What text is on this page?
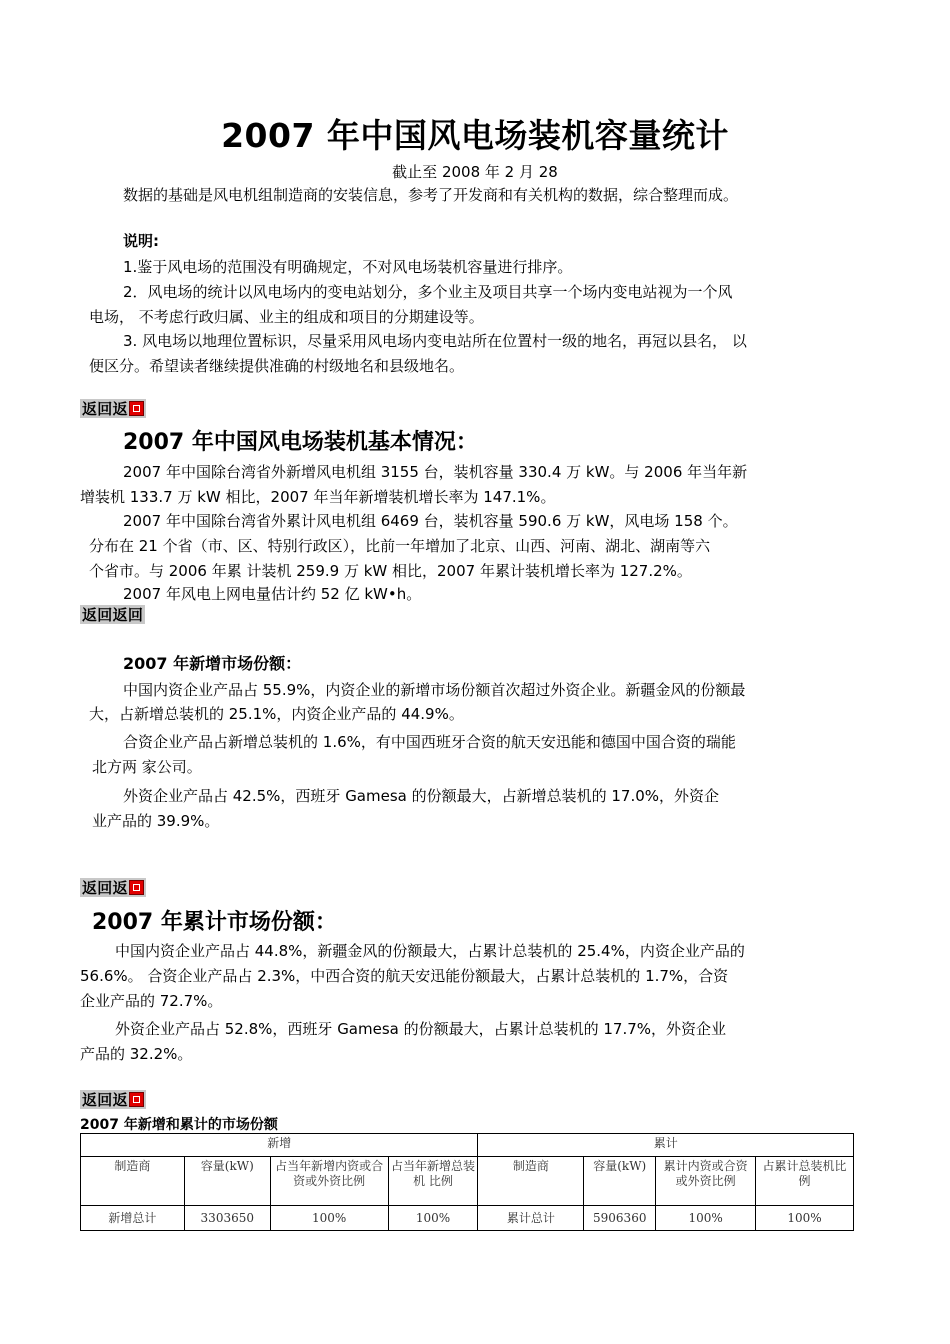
2007 年中国风电场装机容量统计
截止至 2008 年 2 月 28
数据的基础是风电机组制造商的安装信息，参考了开发商和有关机构的数据，综合整理而成。
说明:
1.鉴于风电场的范围没有明确规定，不对风电场装机容量进行排序。
2．风电场的统计以风电场内的变电站划分，多个业主及项目共享一个场内变电站视为一个风
电场， 不考虑行政归属、业主的组成和项目的分期建设等。
3. 风电场以地理位置标识，尽量采用风电场内变电站所在位置村一级的地名，再冠以县名， 以
便区分。希望读者继续提供准确的村级地名和县级地名。
返回返
2007 年中国风电场装机基本情况：
2007 年中国除台湾省外新增风电机组 3155 台，装机容量 330.4 万 kW。与 2006 年当年新
增装机 133.7 万 kW 相比，2007 年当年新增装机增长率为 147.1%。
2007 年中国除台湾省外累计风电机组 6469 台，装机容量 590.6 万 kW，风电场 158 个。
分布在 21 个省（市、区、特别行政区），比前一年增加了北京、山西、河南、湖北、湖南等六
个省市。与 2006 年累 计装机 259.9 万 kW 相比，2007 年累计装机增长率为 127.2%。
2007 年风电上网电量估计约 52 亿 kW•h。
返回返回
2007 年新增市场份额：
中国内资企业产品占 55.9%，内资企业的新增市场份额首次超过外资企业。新疆金风的份额最
大，占新增总装机的 25.1%，内资企业产品的 44.9%。
合资企业产品占新增总装机的 1.6%，有中国西班牙合资的航天安迅能和德国中国合资的瑞能
北方两 家公司。
外资企业产品占 42.5%，西班牙 Gamesa 的份额最大，占新增总装机的 17.0%，外资企
业产品的 39.9%。
返回返
2007 年累计市场份额：
中国内资企业产品占 44.8%，新疆金风的份额最大，占累计总装机的 25.4%，内资企业产品的
56.6%。 合资企业产品占 2.3%，中西合资的航天安迅能份额最大，占累计总装机的 1.7%，合资
企业产品的 72.7%。
外资企业产品占 52.8%，西班牙 Gamesa 的份额最大，占累计总装机的 17.7%，外资企业
产品的 32.2%。
返回返
2007 年新增和累计的市场份额
新增				累计			
制造商	容量(kW)	占当年新增内资或合资或外资比例	占当年新增总装机 比例	制造商	容量(kW)	累计内资或合资或外资比例	占累计总装机比例
新增总计	3303650	100%	100%	累计总计	5906360	100%	100%
